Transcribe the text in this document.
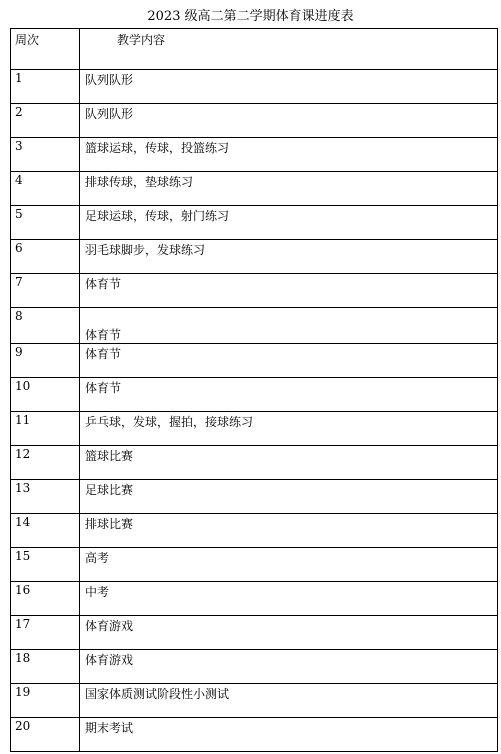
2023 级高二第二学期体育课进度表
周次	教学内容
1	队列队形
2	队列队形
3	篮球运球，传球，投篮练习
4	排球传球，垫球练习
5	足球运球，传球，射门练习
6	羽毛球脚步，发球练习
7	体育节
8	体育节
9	体育节
10	体育节
11	乒乓球，发球，握拍，接球练习
12	篮球比赛
13	足球比赛
14	排球比赛
15	高考
16	中考
17	体育游戏
18	体育游戏
19	国家体质测试阶段性小测试
20	期末考试
